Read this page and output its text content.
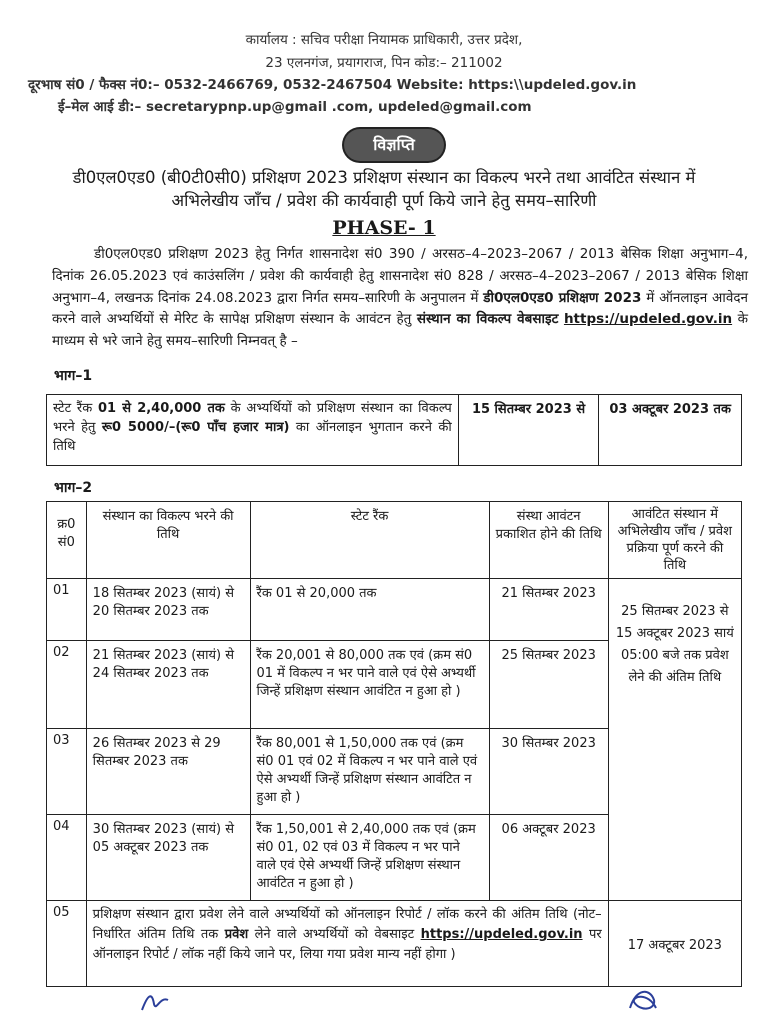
कार्यालय : सचिव परीक्षा नियामक प्राधिकारी, उत्तर प्रदेश,
23 एलनगंज, प्रयागराज, पिन कोड:– 211002
दूरभाष सं0 / फैक्स नं0:– 0532-2466769, 0532-2467504 Website: https:\\updeled.gov.in
ई–मेल आई डी:– secretarypnp.up@gmail .com, updeled@gmail.com
विज्ञप्ति
डी0एल0एड0 (बी0टी0सी0) प्रशिक्षण 2023 प्रशिक्षण संस्थान का विकल्प भरने तथा आवंटित संस्थान में
अभिलेखीय जाँच / प्रवेश की कार्यवाही पूर्ण किये जाने हेतु समय–सारिणी
PHASE- 1
डी0एल0एड0 प्रशिक्षण 2023 हेतु निर्गत शासनादेश सं0 390 / अरसठ–4–2023–2067 / 2013 बेसिक शिक्षा अनुभाग–4, दिनांक 26.05.2023 एवं काउंसलिंग / प्रवेश की कार्यवाही हेतु शासनादेश सं0 828 / अरसठ–4–2023–2067 / 2013 बेसिक शिक्षा अनुभाग–4, लखनऊ दिनांक 24.08.2023 द्वारा निर्गत समय–सारिणी के अनुपालन में डी0एल0एड0 प्रशिक्षण 2023 में ऑनलाइन आवेदन करने वाले अभ्यर्थियों से मेरिट के सापेक्ष प्रशिक्षण संस्थान के आवंटन हेतु संस्थान का विकल्प वेबसाइट https://updeled.gov.in के माध्यम से भरे जाने हेतु समय–सारिणी निम्नवत् है –
भाग–1
स्टेट रैंक 01 से 2,40,000 तक के अभ्यर्थियों को प्रशिक्षण संस्थान का विकल्प भरने हेतु रू0 5000/–(रू0 पाँच हजार मात्र) का ऑनलाइन भुगतान करने की तिथि	15 सितम्बर 2023 से	03 अक्टूबर 2023 तक
भाग–2
क्र0 सं0	संस्थान का विकल्प भरने की तिथि	स्टेट रैंक	संस्था आवंटन प्रकाशित होने की तिथि	आवंटित संस्थान में अभिलेखीय जाँच / प्रवेश प्रक्रिया पूर्ण करने की तिथि
01	18 सितम्बर 2023 (सायं) से 20 सितम्बर 2023 तक	रैंक 01 से 20,000 तक	21 सितम्बर 2023	25 सितम्बर 2023 से 15 अक्टूबर 2023 सायं 05:00 बजे तक प्रवेश लेने की अंतिम तिथि
02	21 सितम्बर 2023 (सायं) से 24 सितम्बर 2023 तक	रैंक 20,001 से 80,000 तक एवं (क्रम सं0 01 में विकल्प न भर पाने वाले एवं ऐसे अभ्यर्थी जिन्हें प्रशिक्षण संस्थान आवंटित न हुआ हो )	25 सितम्बर 2023	
03	26 सितम्बर 2023 से 29 सितम्बर 2023 तक	रैंक 80,001 से 1,50,000 तक एवं (क्रम सं0 01 एवं 02 में विकल्प न भर पाने वाले एवं ऐसे अभ्यर्थी जिन्हें प्रशिक्षण संस्थान आवंटित न हुआ हो )	30 सितम्बर 2023	
04	30 सितम्बर 2023 (सायं) से 05 अक्टूबर 2023 तक	रैंक 1,50,001 से 2,40,000 तक एवं (क्रम सं0 01, 02 एवं 03 में विकल्प न भर पाने वाले एवं ऐसे अभ्यर्थी जिन्हें प्रशिक्षण संस्थान आवंटित न हुआ हो )	06 अक्टूबर 2023	
05	प्रशिक्षण संस्थान द्वारा प्रवेश लेने वाले अभ्यर्थियों को ऑनलाइन रिपोर्ट / लॉक करने की अंतिम तिथि (नोट– निर्धारित अंतिम तिथि तक प्रवेश लेने वाले अभ्यर्थियों को वेबसाइट https://updeled.gov.in पर ऑनलाइन रिपोर्ट / लॉक नहीं किये जाने पर, लिया गया प्रवेश मान्य नहीं होगा )			17 अक्टूबर 2023
